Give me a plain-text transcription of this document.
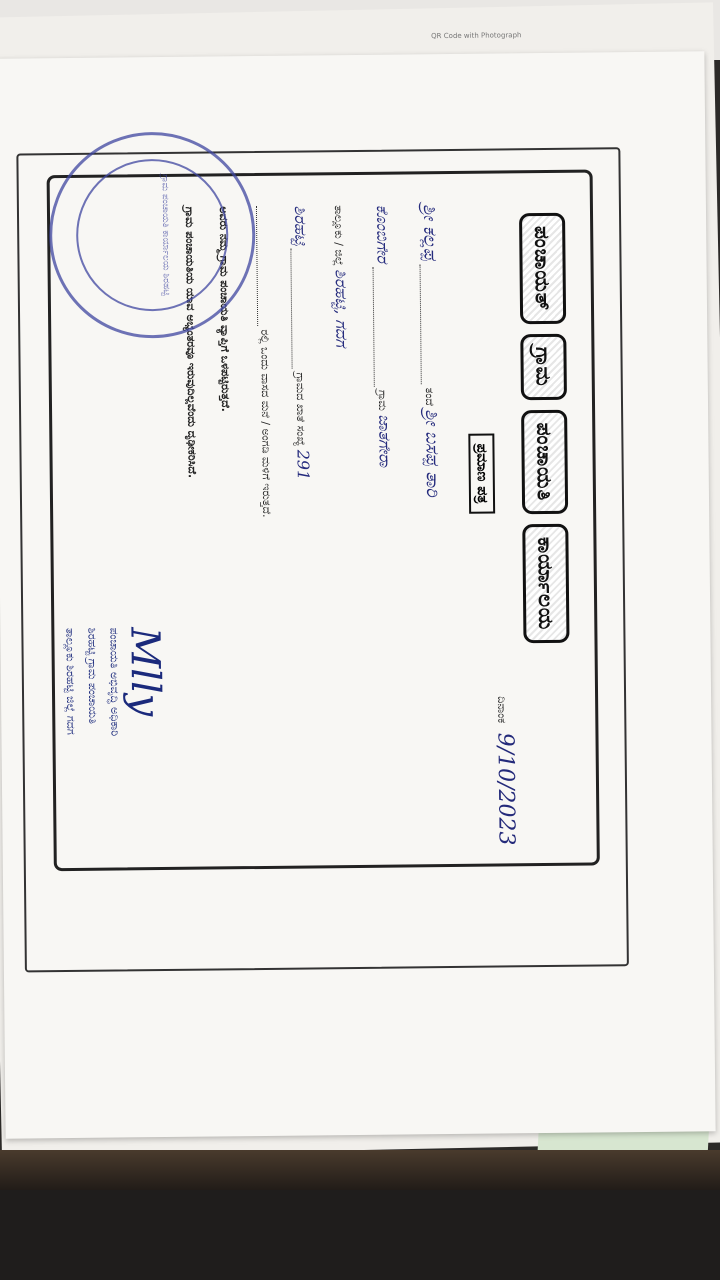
QR Code with Photograph
ಪಂಚಾಯತ್
ಗ್ರಾಮ
ಪಂಚಾಯತಿ
ಕಾರ್ಯಾಲಯ
ದಿನಾಂಕ 9/10/2023
ಪ್ರಮಾಣ ಪತ್ರ
ಶ್ರೀ ಕಲ್ಲಪ್ಪ  ತಂದೆ ಶ್ರೀ ಬಸಪ್ಪ ತಾರಿ
ಕೊಂಬಿಗೇರ  ಗ್ರಾಮ ಜಾತಗೇರಾ
ತಾಲ್ಲೂಕು / ಜಿಲ್ಲೆ ಶಿರಹಟ್ಟಿ, ಗದಗ
ಶಿರಹಟ್ಟಿ  ಗ್ರಾಮದ ಖಾತೆ ಸಂಖ್ಯೆ 291
ರಲ್ಲಿ ಒಂದು ವಾಸದ ಮನೆ / ಅಂಗಡಿ ಮಳಿಗೆ ಇರುತ್ತದೆ.
ಅವರು ನಮ್ಮ ಗ್ರಾಮ ಪಂಚಾಯತಿ ವ್ಯಾಪ್ತಿಗೆ ಒಳಪಟ್ಟಿರುತ್ತದೆ.
ಗ್ರಾಮ ಪಂಚಾಯತಿಯ ಯಾವ ಅಭ್ಯಂತರವೂ ಇರುವುದಿಲ್ಲವೆಂದು ದೃಢೀಕರಿಸಿದೆ.
Mlly
ಪಂಚಾಯತಿ ಅಭಿವೃದ್ಧಿ ಅಧಿಕಾರಿ
ಶಿರಹಟ್ಟಿ ಗ್ರಾಮ ಪಂಚಾಯತಿ
ತಾಲ್ಲೂಕು ಶಿರಹಟ್ಟಿ ಜಿಲ್ಲೆ ಗದಗ
ಗ್ರಾಮ ಪಂಚಾಯತಿ ಕಾರ್ಯಾಲಯ ಶಿರಹಟ್ಟಿ
